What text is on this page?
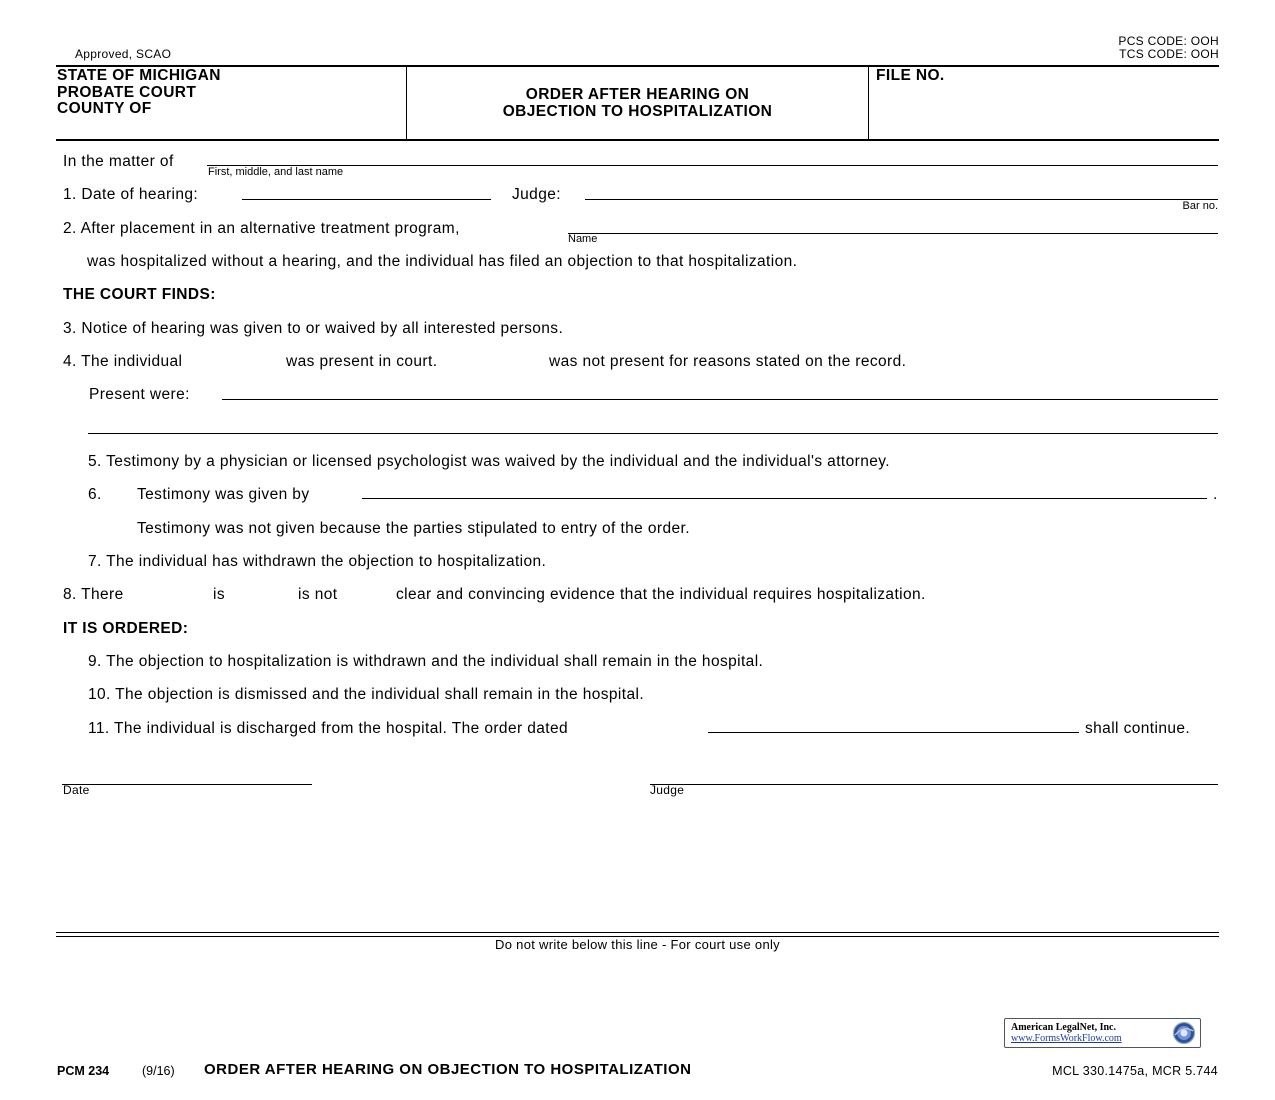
Approved, SCAO
PCS CODE: OOH
TCS CODE: OOH
STATE OF MICHIGAN
PROBATE COURT
COUNTY OF
ORDER AFTER HEARING ON
OBJECTION TO HOSPITALIZATION
FILE NO.
In the matter of
First, middle, and last name
1. Date of hearing:	Judge:
Bar no.
2. After placement in an alternative treatment program,
Name
was hospitalized without a hearing, and the individual has filed an objection to that hospitalization.
THE COURT FINDS:
3. Notice of hearing was given to or waived by all interested persons.
4. The individual	was present in court.	was not present for reasons stated on the record.
Present were:
5. Testimony by a physician or licensed psychologist was waived by the individual and the individual's attorney.
6. Testimony was given by	.
Testimony was not given because the parties stipulated to entry of the order.
7. The individual has withdrawn the objection to hospitalization.
8. There	is	is not	clear and convincing evidence that the individual requires hospitalization.
IT IS ORDERED:
9. The objection to hospitalization is withdrawn and the individual shall remain in the hospital.
10. The objection is dismissed and the individual shall remain in the hospital.
11. The individual is discharged from the hospital. The order dated	shall continue.
Date	Judge
Do not write below this line - For court use only
American LegalNet, Inc.
www.FormsWorkFlow.com
PCM 234	(9/16) ORDER AFTER HEARING ON OBJECTION TO HOSPITALIZATION	MCL 330.1475a, MCR 5.744
